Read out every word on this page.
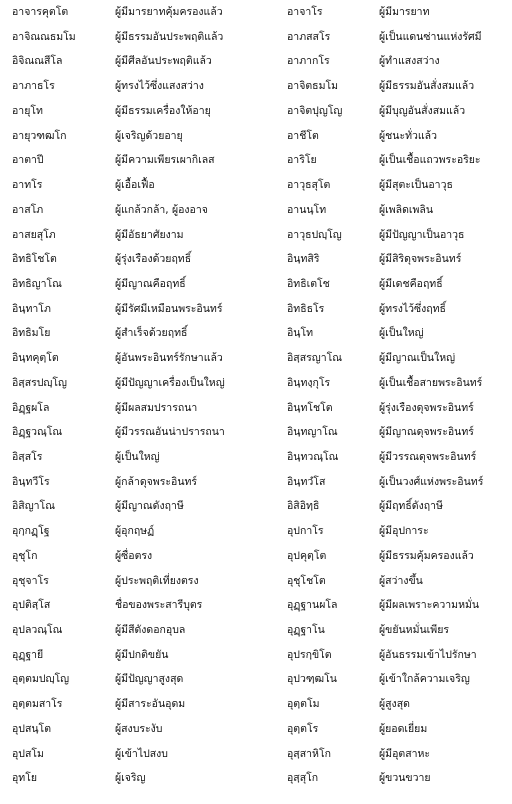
อาจารคุตโต	ผู้มีมารยาทคุ้มครองแล้ว	อาจาโร	ผู้มีมารยาท
อาจิณณธมโม	ผู้มีธรรมอันประพฤติแล้ว	อาภสสโร	ผู้เป็นแดนซ่านแห่งรัศมี
อิจิณณสีโล	ผู้มีศีลอันประพฤติแล้ว	อาภากโร	ผู้ทำแสงสว่าง
อาภาธโร	ผู้ทรงไว้ซึ่งแสงสว่าง	อาจิตธมโม	ผู้มีธรรมอันสั่งสมแล้ว
อายุโท	ผู้มีธรรมเครื่องให้อายุ	อาจิตปุญโญ	ผู้มีบุญอันสั่งสมแล้ว
อายุวฑฒโก	ผู้เจริญด้วยอายุ	อาชีโต	ผู้ชนะทั่วแล้ว
อาตาปี	ผู้มีความเพียรเผากิเลส	อาริโย	ผู้เป็นเชื้อแถวพระอริยะ
อาทโร	ผู้เอื้อเฟื้อ	อาวุธสุโต	ผู้มีสุตะเป็นอาวุธ
อาสโภ	ผู้แกล้วกล้า, ผู้องอาจ	อานนฺโท	ผู้เพลิดเพลิน
อาสยสุโภ	ผู้มีอัธยาศัยงาม	อาวุธปญฺโญ	ผู้มีปัญญาเป็นอาวุธ
อิทธิโชโต	ผู้รุ่งเรืองด้วยฤทธิ์	อินฺทสิริ	ผู้มีสิริดุจพระอินทร์
อิทธิญาโณ	ผู้มีญาณคือฤทธิ์	อิทธิเตโช	ผู้มีเดชคือฤทธิ์
อินฺทาโภ	ผู้มีรัศมีเหมือนพระอินทร์	อิทธิธโร	ผู้ทรงไว้ซึ่งฤทธิ์
อิทธิมโย	ผู้สำเร็จด้วยฤทธิ์	อินฺโท	ผู้เป็นใหญ่
อินฺทคุตฺโต	ผู้อันพระอินทร์รักษาแล้ว	อิสฺสรญาโณ	ผู้มีญาณเป็นใหญ่
อิสฺสรปญฺโญ	ผู้มีปัญญาเครื่องเป็นใหญ่	อินฺทงฺกุโร	ผู้เป็นเชื้อสายพระอินทร์
อิฏฺฐผโล	ผู้มีผลสมปรารถนา	อินฺทโชโต	ผู้รุ่งเรืองดุจพระอินทร์
อิฏฺฐวณฺโณ	ผู้มีวรรณอันน่าปรารถนา	อินฺทญาโณ	ผู้มีญาณดุจพระอินทร์
อิสฺสโร	ผู้เป็นใหญ่	อินฺทวณฺโณ	ผู้มีวรรณดุจพระอินทร์
อินฺทวีโร	ผู้กล้าดุจพระอินทร์	อินฺทวํโส	ผู้เป็นวงศ์แห่งพระอินทร์
อิสิญาโณ	ผู้มีญาณดังฤาษี	อิสิอิทฺธิ	ผู้มีฤทธิ์ดังฤาษี
อุกฺกฏฺโฐ	ผู้อุกฤษฏ์	อุปกาโร	ผู้มีอุปการะ
อุชุโก	ผู้ซื่อตรง	อุปคุตฺโต	ผู้มีธรรมคุ้มครองแล้ว
อุชุจาโร	ผู้ประพฤติเที่ยงตรง	อุชุโชโต	ผู้สว่างขึ้น
อุปติสฺโส	ชื่อของพระสารีบุตร	อุฏฺฐานผโล	ผู้มีผลเพราะความหมั่น
อุปลวณฺโณ	ผู้มีสีดังดอกอุบล	อุฏฺฐาโน	ผู้ขยันหมั่นเพียร
อุฏฺฐายี	ผู้มีปกติขยัน	อุปรกฺขิโต	ผู้อันธรรมเข้าไปรักษา
อุตฺตมปญฺโญ	ผู้มีปัญญาสูงสุด	อุปวฑฺฒโน	ผู้เข้าใกล้ความเจริญ
อุตฺตมสาโร	ผู้มีสาระอันอุดม	อุตฺตโม	ผู้สูงสุด
อุปสนฺโต	ผู้สงบระงับ	อุตฺตโร	ผู้ยอดเยี่ยม
อุปสโม	ผู้เข้าไปสงบ	อุสฺสาหิโก	ผู้มีอุตสาหะ
อุทโย	ผู้เจริญ	อุสฺสุโก	ผู้ขวนขวาย
